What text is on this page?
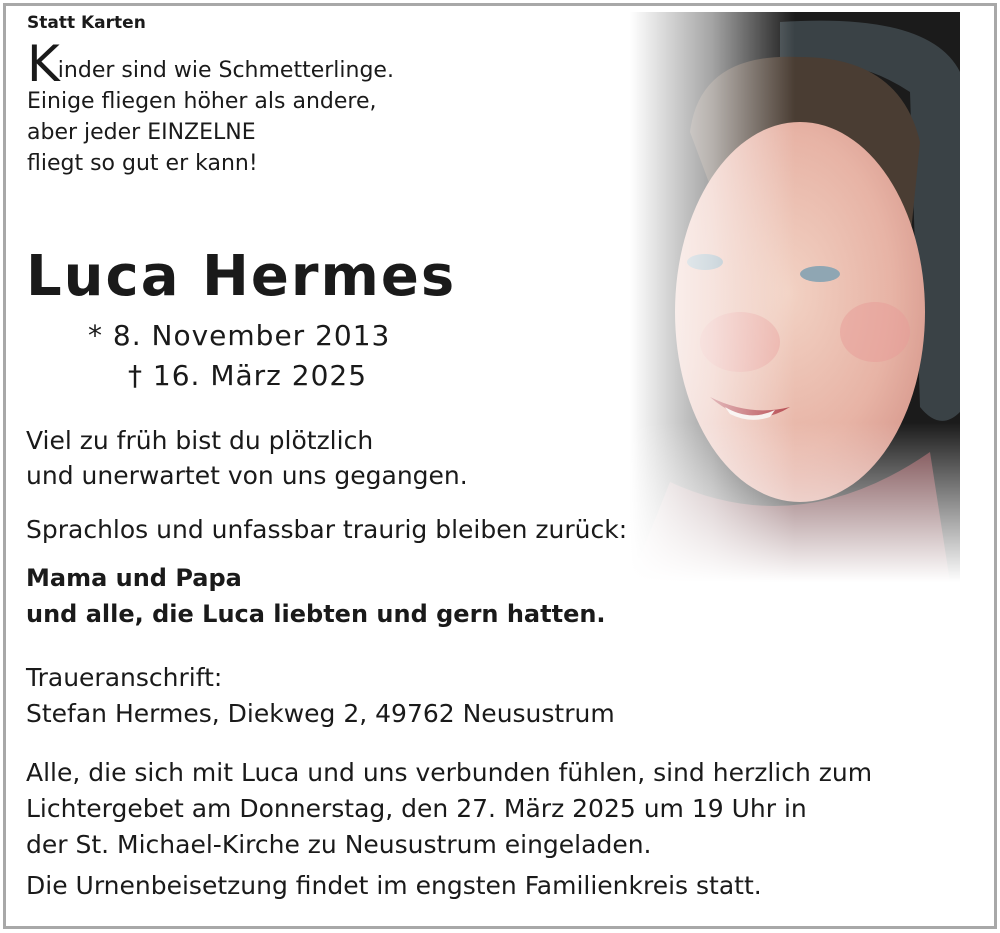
Statt Karten
Kinder sind wie Schmetterlinge.
Einige fliegen höher als andere,
aber jeder EINZELNE
fliegt so gut er kann!
Luca Hermes
* 8. November 2013
† 16. März 2025
Viel zu früh bist du plötzlich
und unerwartet von uns gegangen.
Sprachlos und unfassbar traurig bleiben zurück:
Mama und Papa
und alle, die Luca liebten und gern hatten.
Traueranschrift:
Stefan Hermes, Diekweg 2, 49762 Neusustrum
Alle, die sich mit Luca und uns verbunden fühlen, sind herzlich zum
Lichtergebet am Donnerstag, den 27. März 2025 um 19 Uhr in
der St. Michael-Kirche zu Neusustrum eingeladen.
Die Urnenbeisetzung findet im engsten Familienkreis statt.
